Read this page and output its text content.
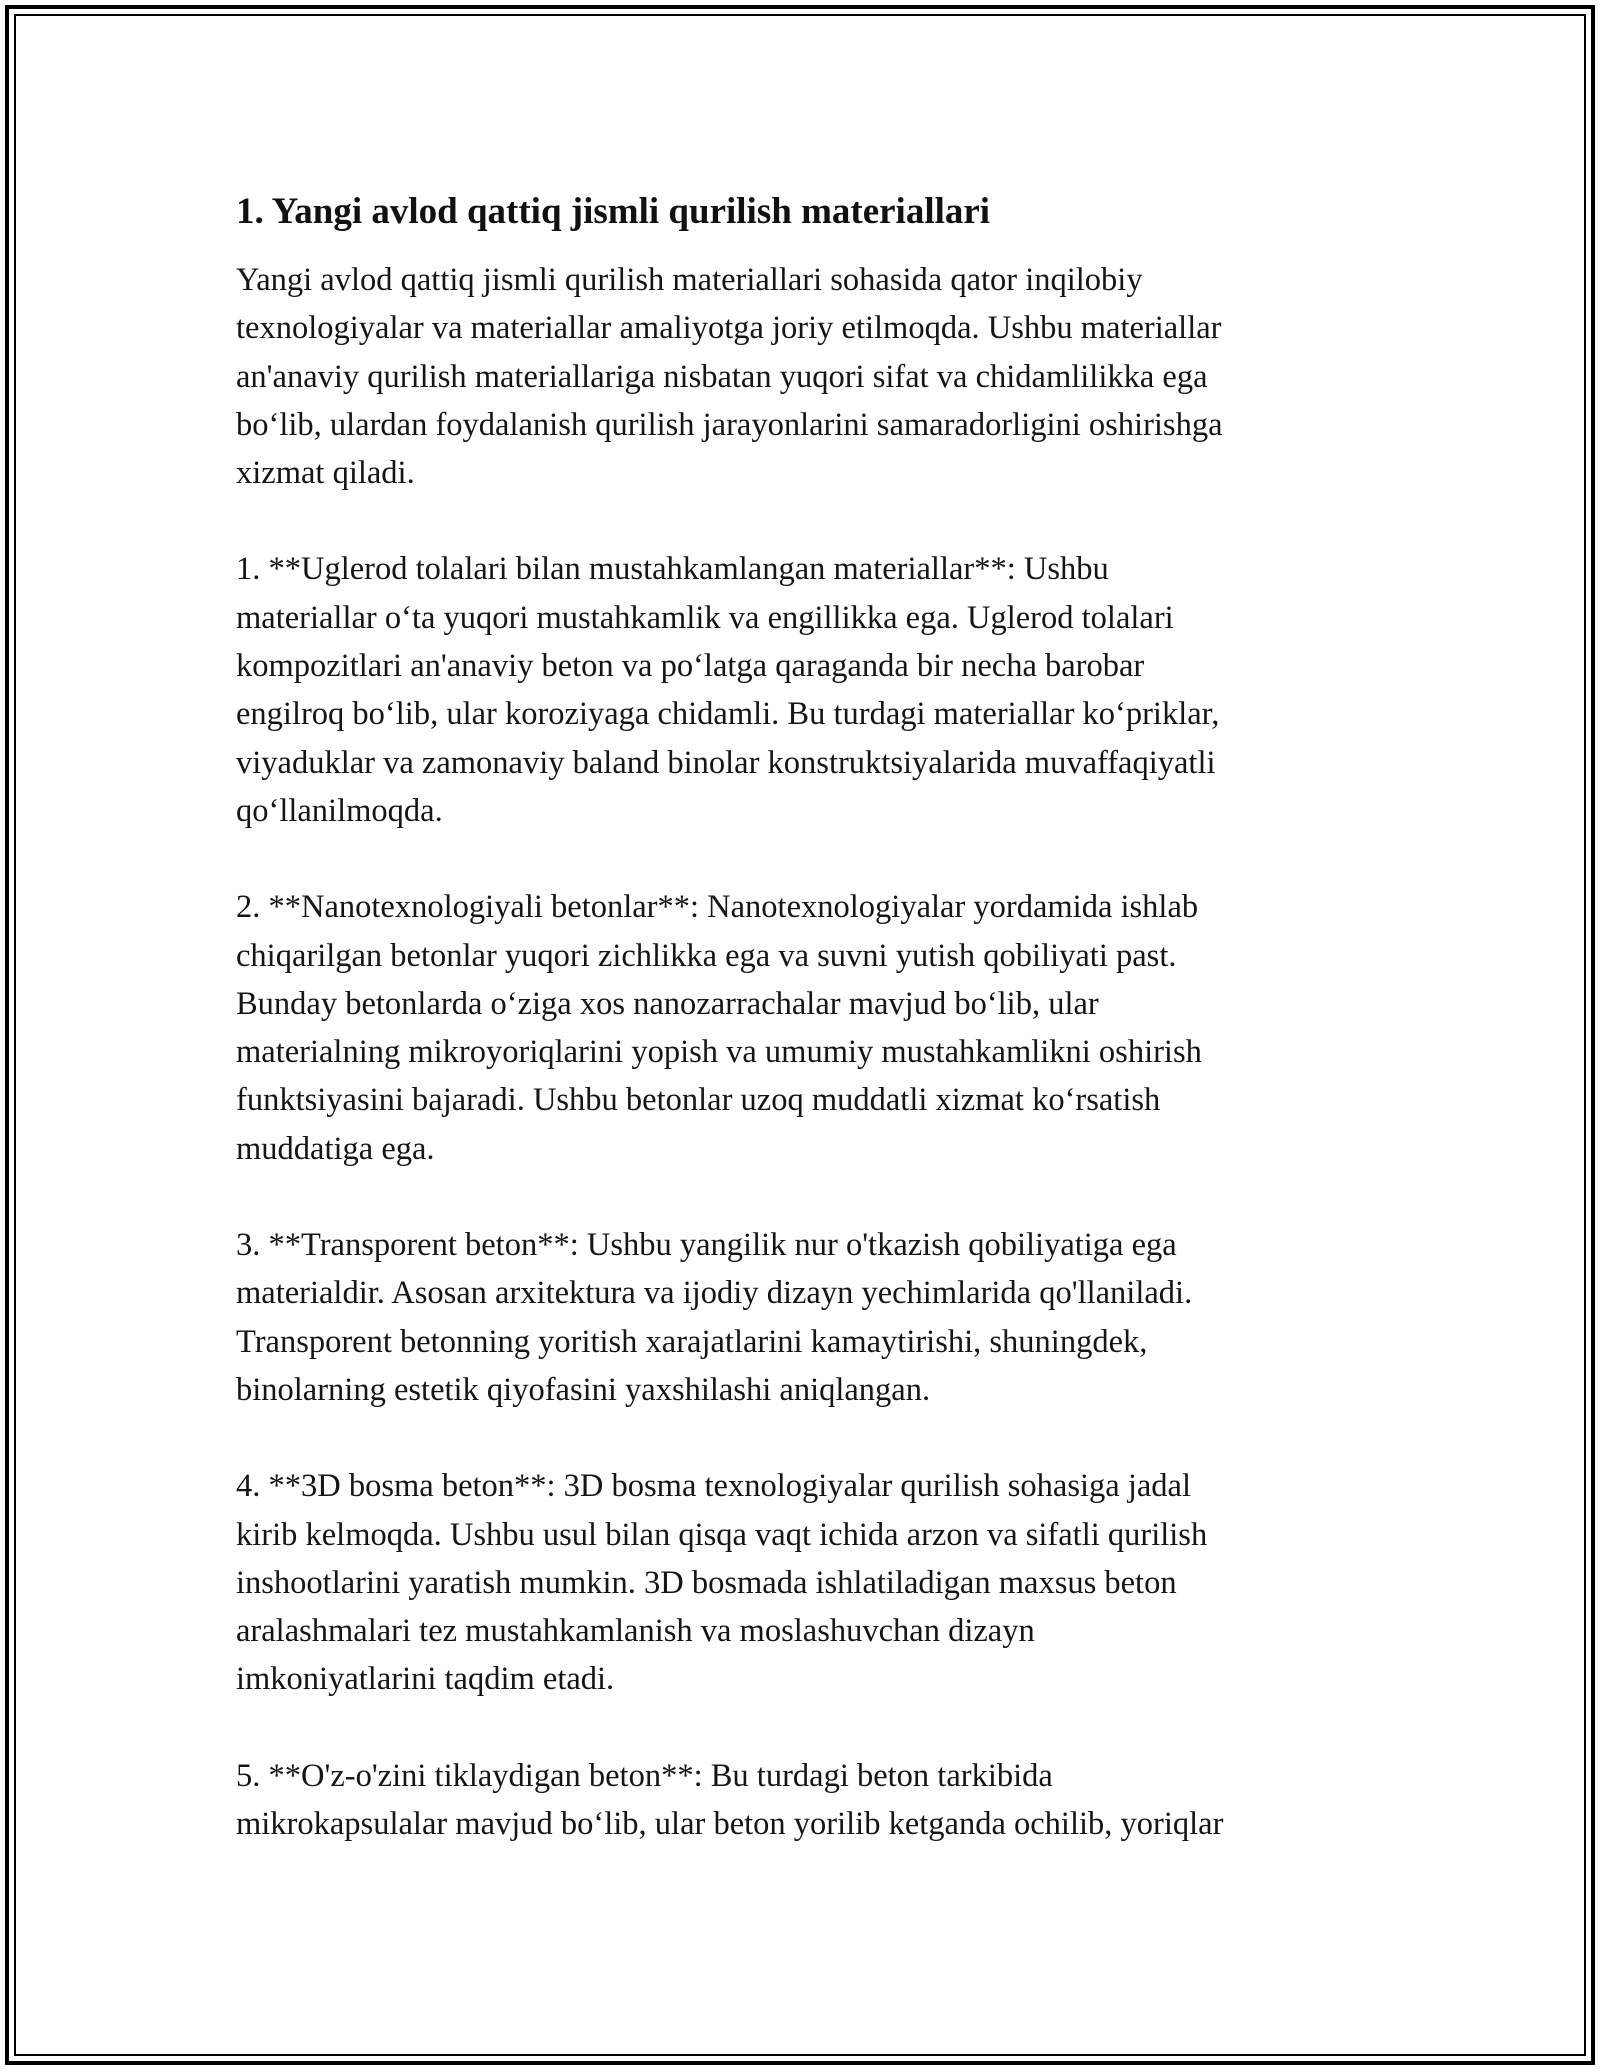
1. Yangi avlod qattiq jismli qurilish materiallari

Yangi avlod qattiq jismli qurilish materiallari sohasida qator inqilobiy
texnologiyalar va materiallar amaliyotga joriy etilmoqda. Ushbu materiallar
an'anaviy qurilish materiallariga nisbatan yuqori sifat va chidamlilikka ega
bo‘lib, ulardan foydalanish qurilish jarayonlarini samaradorligini oshirishga
xizmat qiladi.

1. **Uglerod tolalari bilan mustahkamlangan materiallar**: Ushbu
materiallar o‘ta yuqori mustahkamlik va engillikka ega. Uglerod tolalari
kompozitlari an'anaviy beton va po‘latga qaraganda bir necha barobar
engilroq bo‘lib, ular koroziyaga chidamli. Bu turdagi materiallar ko‘priklar,
viyaduklar va zamonaviy baland binolar konstruktsiyalarida muvaffaqiyatli
qo‘llanilmoqda.

2. **Nanotexnologiyali betonlar**: Nanotexnologiyalar yordamida ishlab
chiqarilgan betonlar yuqori zichlikka ega va suvni yutish qobiliyati past.
Bunday betonlarda o‘ziga xos nanozarrachalar mavjud bo‘lib, ular
materialning mikroyoriqlarini yopish va umumiy mustahkamlikni oshirish
funktsiyasini bajaradi. Ushbu betonlar uzoq muddatli xizmat ko‘rsatish
muddatiga ega.

3. **Transporent beton**: Ushbu yangilik nur o'tkazish qobiliyatiga ega
materialdir. Asosan arxitektura va ijodiy dizayn yechimlarida qo'llaniladi.
Transporent betonning yoritish xarajatlarini kamaytirishi, shuningdek,
binolarning estetik qiyofasini yaxshilashi aniqlangan.

4. **3D bosma beton**: 3D bosma texnologiyalar qurilish sohasiga jadal
kirib kelmoqda. Ushbu usul bilan qisqa vaqt ichida arzon va sifatli qurilish
inshootlarini yaratish mumkin. 3D bosmada ishlatiladigan maxsus beton
aralashmalari tez mustahkamlanish va moslashuvchan dizayn
imkoniyatlarini taqdim etadi.

5. **O'z-o'zini tiklaydigan beton**: Bu turdagi beton tarkibida
mikrokapsulalar mavjud bo‘lib, ular beton yorilib ketganda ochilib, yoriqlar
